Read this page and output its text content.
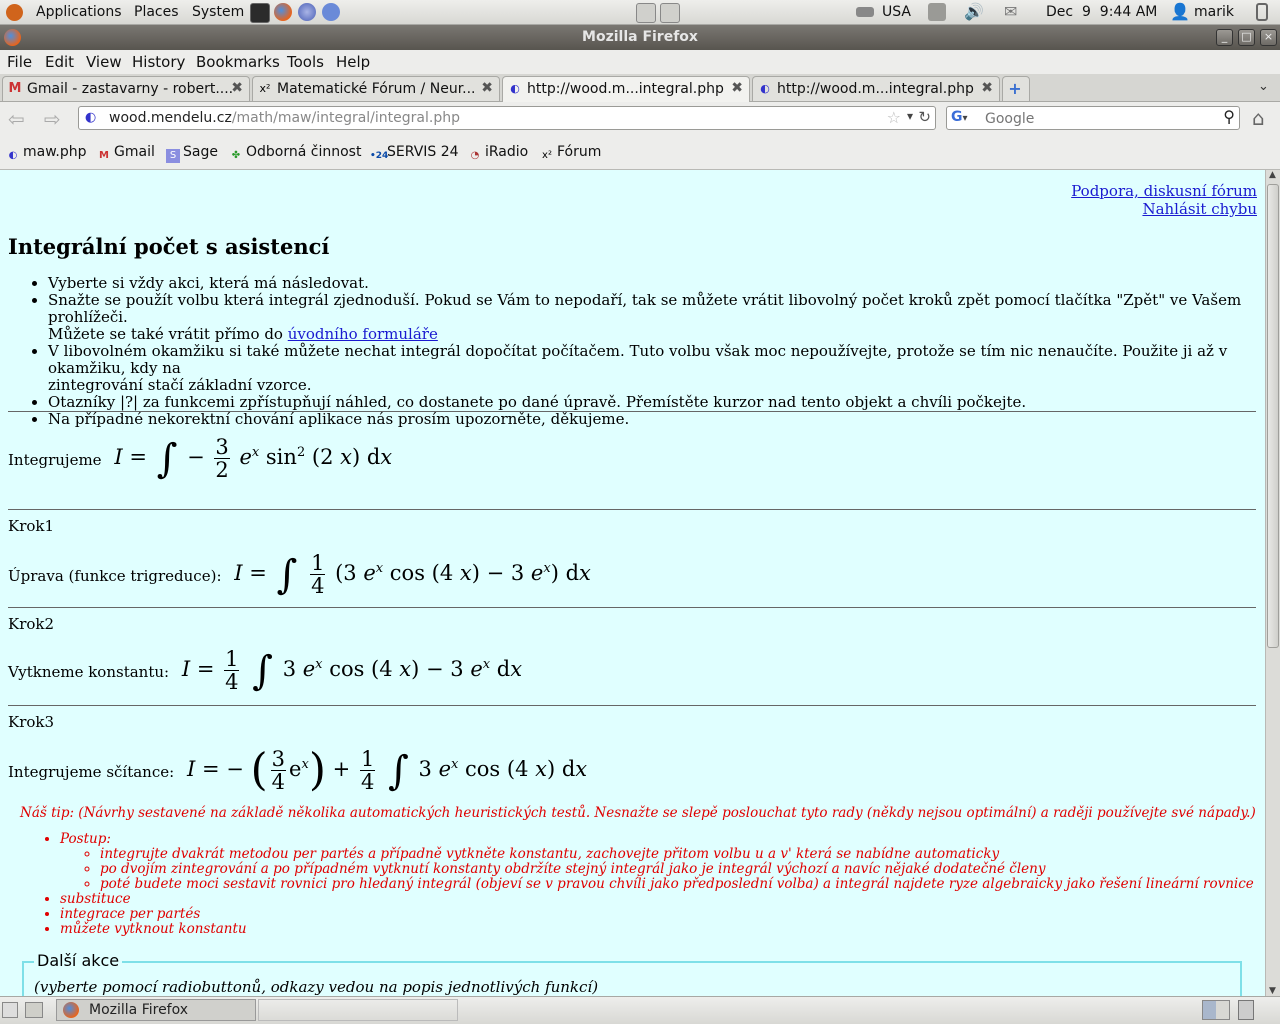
Applications Places System	USA	🔊 ✉ Dec  9  9:44 AM 👤 marik
Mozilla Firefox	_	□	×
File Edit View History Bookmarks Tools Help
M Gmail - zastavarny - robert....
✖ x² Matematické Fórum / Neur... ✖ ◐ http://wood.m...integral.php ✖ ◐ http://wood.m...integral.php ✖ +	⌄
⇦ ⇨ ◐ wood.mendelu.cz/math/maw/integral/integral.php	☆ ▾ ↻ G▾
Google	⚲ ⌂
◐ maw.php M Gmail	S Sage ✤ Odborná činnost •24SERVIS 24 ◔ iRadio x² Fórum
Podpora, diskusní fórum
Nahlásit chybu
Integrální počet s asistencí
• Vyberte si vždy akci, která má následovat.
• Snažte se použít volbu která integrál zjednoduší. Pokud se Vám to nepodaří, tak se můžete vrátit libovolný počet kroků zpět pomocí tlačítka "Zpět" ve Vašem prohlížeči.
Můžete se také vrátit přímo do úvodního formuláře
• V libovolném okamžiku si také můžete nechat integrál dopočítat počítačem. Tuto volbu však moc nepoužívejte, protože se tím nic nenaučíte. Použite ji až v okamžiku, kdy na
zintegrování stačí základní vzorce.
• Otazníky |?| za funkcemi zpřístupňují náhled, co dostanete po dané úpravě. Přemístěte kurzor nad tento objekt a chvíli počkejte.
• Na případné nekorektní chování aplikace nás prosím upozorněte, děkujeme.
Integrujeme I = ∫ − $\frac{3}{2} e^x$ $\sin^2 (2$ x) dx
Krok1
Úprava (funkce trigreduce): I = ∫ $\frac{1}{4} (3$ $e^x$ cos (4 x) − 3 $e^x$) dx
Krok2
Vytkneme konstantu: $I = \frac{1}{4}$ ∫ 3 $e^x$ cos (4 x) − 3 $e^x$ dx
Krok3
Integrujeme sčítance: I = − ( $\frac{3}{4} e^x) + \frac{1}{4}$ ∫ 3 $e^x$ cos (4 x) dx
Náš tip: (Návrhy sestavené na základě několika automatických heuristických testů. Nesnažte se slepě poslouchat tyto rady (někdy nejsou optimální) a raději používejte své nápady.)
• Postup:
◦ integrujte dvakrát metodou per partés a případně vytkněte konstantu, zachovejte přitom volbu u a v' která se nabídne automaticky
◦ po dvojím zintegrování a po případném vytknutí konstanty obdržíte stejný integrál jako je integrál výchozí a navíc nějaké dodatečné členy
◦ poté budete moci sestavit rovnici pro hledaný integrál (objeví se v pravou chvíli jako předposlední volba) a integrál najdete ryze algebraicky jako řešení lineární rovnice
• substituce
• integrace per partés
• můžete vytknout konstantu
Další akce
(vyberte pomocí radiobuttonů, odkazy vedou na popis jednotlivých funkcí)
▲
▼
Mozilla Firefox
